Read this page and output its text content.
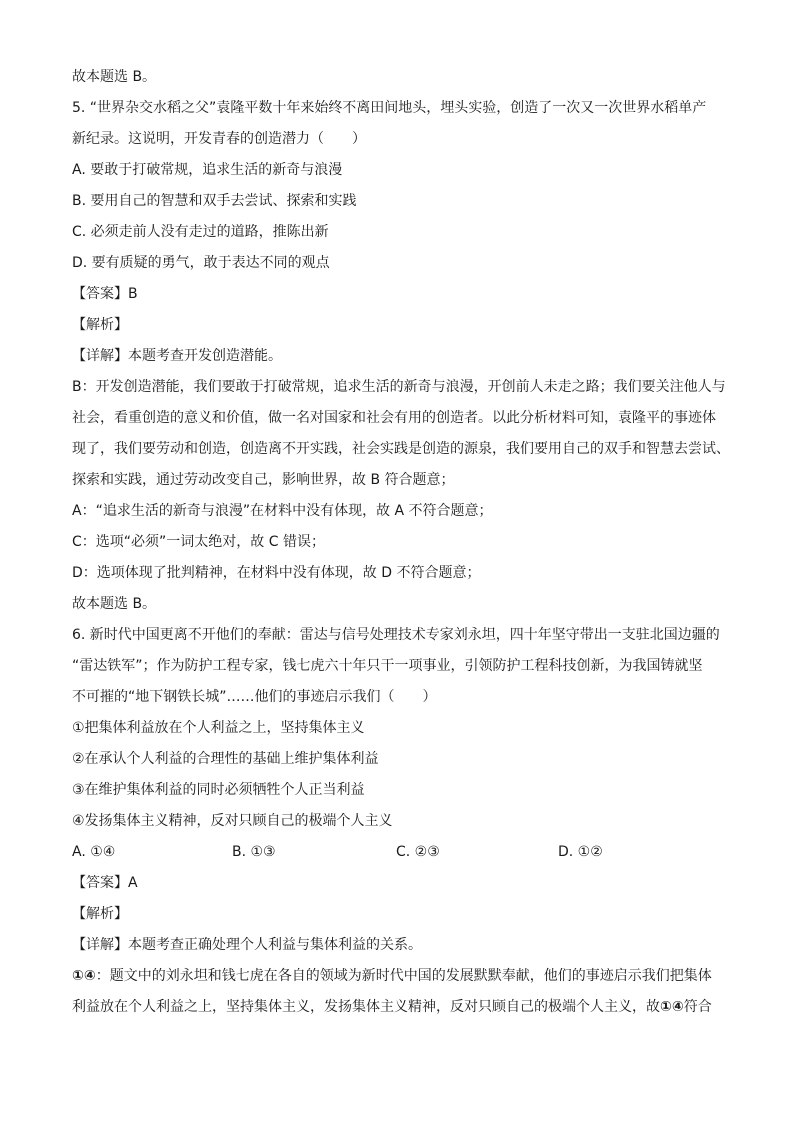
故本题选 B。
5. “世界杂交水稻之父”袁隆平数十年来始终不离田间地头，埋头实验，创造了一次又一次世界水稻单产
新纪录。这说明，开发青春的创造潜力（　　）
A. 要敢于打破常规，追求生活的新奇与浪漫
B. 要用自己的智慧和双手去尝试、探索和实践
C. 必须走前人没有走过的道路，推陈出新
D. 要有质疑的勇气，敢于表达不同的观点
【答案】B
【解析】
【详解】本题考查开发创造潜能。
B：开发创造潜能，我们要敢于打破常规，追求生活的新奇与浪漫，开创前人未走之路；我们要关注他人与
社会，看重创造的意义和价值，做一名对国家和社会有用的创造者。以此分析材料可知，袁隆平的事迹体
现了，我们要劳动和创造，创造离不开实践，社会实践是创造的源泉，我们要用自己的双手和智慧去尝试、
探索和实践，通过劳动改变自己，影响世界，故 B 符合题意；
A：“追求生活的新奇与浪漫”在材料中没有体现，故 A 不符合题意；
C：选项“必须”一词太绝对，故 C 错误；
D：选项体现了批判精神，在材料中没有体现，故 D 不符合题意；
故本题选 B。
6. 新时代中国更离不开他们的奉献：雷达与信号处理技术专家刘永坦，四十年坚守带出一支驻北国边疆的
“雷达铁军”；作为防护工程专家，钱七虎六十年只干一项事业，引领防护工程科技创新，为我国铸就坚
不可摧的“地下钢铁长城”……他们的事迹启示我们（　　）
①把集体利益放在个人利益之上，坚持集体主义
②在承认个人利益的合理性的基础上维护集体利益
③在维护集体利益的同时必须牺牲个人正当利益
④发扬集体主义精神，反对只顾自己的极端个人主义
A. ①④	B. ①③	C. ②③	D. ①②
【答案】A
【解析】
【详解】本题考查正确处理个人利益与集体利益的关系。
①④：题文中的刘永坦和钱七虎在各自的领域为新时代中国的发展默默奉献，他们的事迹启示我们把集体
利益放在个人利益之上，坚持集体主义，发扬集体主义精神，反对只顾自己的极端个人主义，故①④符合
